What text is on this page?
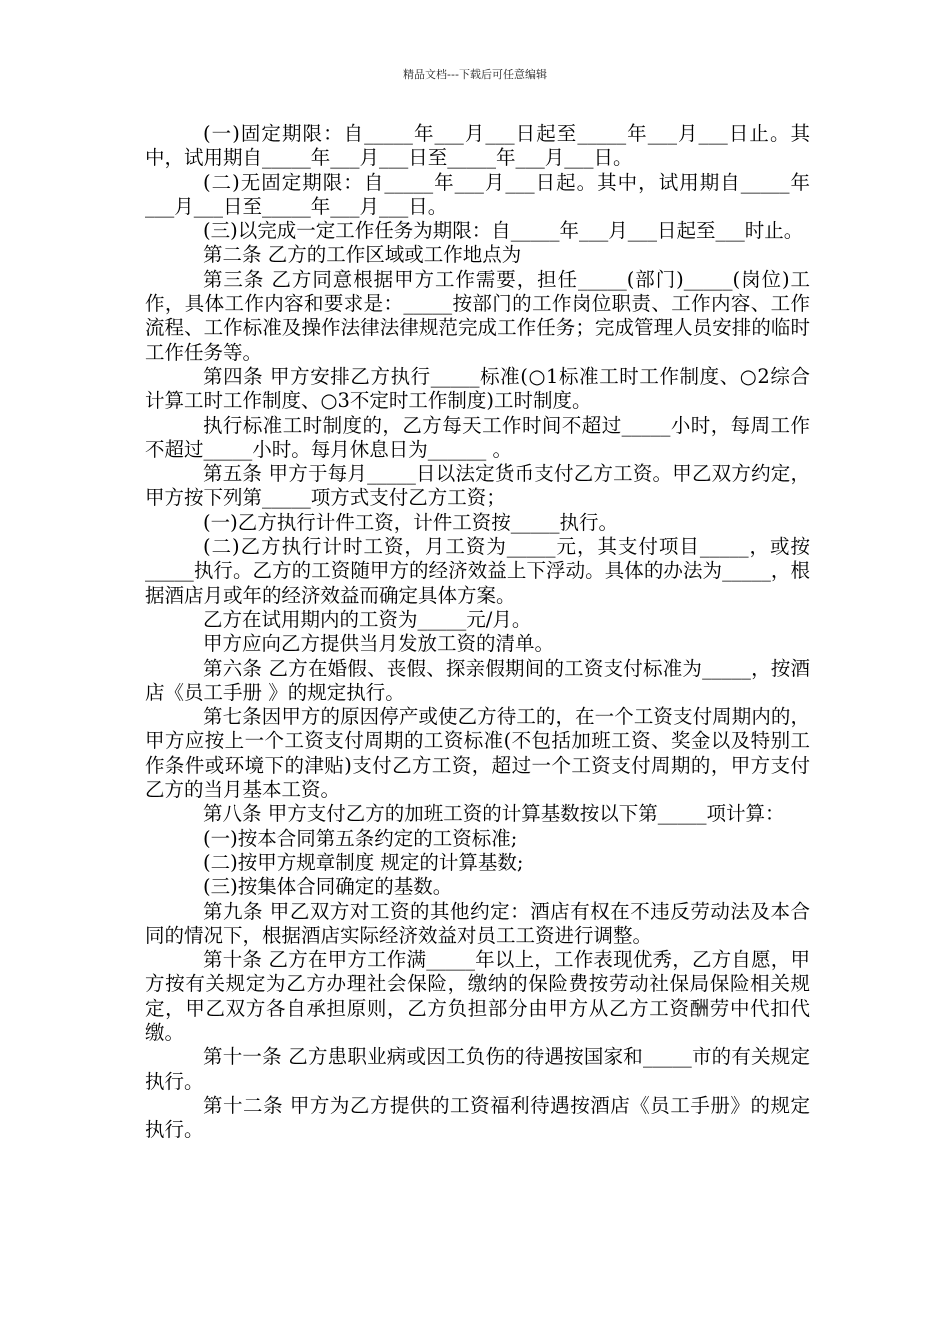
精品文档---下载后可任意编辑

(一)固定期限：自_____年___月___日起至_____年___月___日止。其中，试用期自_____年___月___日至_____年___月___日。

(二)无固定期限：自_____年___月___日起。其中，试用期自_____年___月___日至_____年___月___日。

(三)以完成一定工作任务为期限：自_____年___月___日起至___时止。

第二条 乙方的工作区域或工作地点为

第三条 乙方同意根据甲方工作需要，担任_____(部门)_____(岗位)工作，具体工作内容和要求是：_____按部门的工作岗位职责、工作内容、工作流程、工作标准及操作法律法律规范完成工作任务；完成管理人员安排的临时工作任务等。

第四条 甲方安排乙方执行_____标准(○1标准工时工作制度、○2综合计算工时工作制度、○3不定时工作制度)工时制度。

执行标准工时制度的，乙方每天工作时间不超过_____小时，每周工作不超过_____小时。每月休息日为______ 。

第五条 甲方于每月_____日以法定货币支付乙方工资。甲乙双方约定，甲方按下列第_____项方式支付乙方工资；

(一)乙方执行计件工资，计件工资按_____执行。

(二)乙方执行计时工资，月工资为_____元，其支付项目_____，或按_____执行。乙方的工资随甲方的经济效益上下浮动。具体的办法为_____，根据酒店月或年的经济效益而确定具体方案。

乙方在试用期内的工资为_____元/月。

甲方应向乙方提供当月发放工资的清单。

第六条 乙方在婚假、丧假、探亲假期间的工资支付标准为_____，按酒店《员工手册 》的规定执行。

第七条因甲方的原因停产或使乙方待工的，在一个工资支付周期内的，甲方应按上一个工资支付周期的工资标准(不包括加班工资、奖金以及特别工作条件或环境下的津贴)支付乙方工资，超过一个工资支付周期的，甲方支付乙方的当月基本工资。

第八条 甲方支付乙方的加班工资的计算基数按以下第_____项计算：

(一)按本合同第五条约定的工资标准;

(二)按甲方规章制度 规定的计算基数;

(三)按集体合同确定的基数。

第九条 甲乙双方对工资的其他约定：酒店有权在不违反劳动法及本合同的情况下，根据酒店实际经济效益对员工工资进行调整。

第十条 乙方在甲方工作满_____年以上，工作表现优秀，乙方自愿，甲方按有关规定为乙方办理社会保险，缴纳的保险费按劳动社保局保险相关规定，甲乙双方各自承担原则，乙方负担部分由甲方从乙方工资酬劳中代扣代缴。

第十一条 乙方患职业病或因工负伤的待遇按国家和_____市的有关规定执行。

第十二条 甲方为乙方提供的工资福利待遇按酒店《员工手册》的规定执行。
